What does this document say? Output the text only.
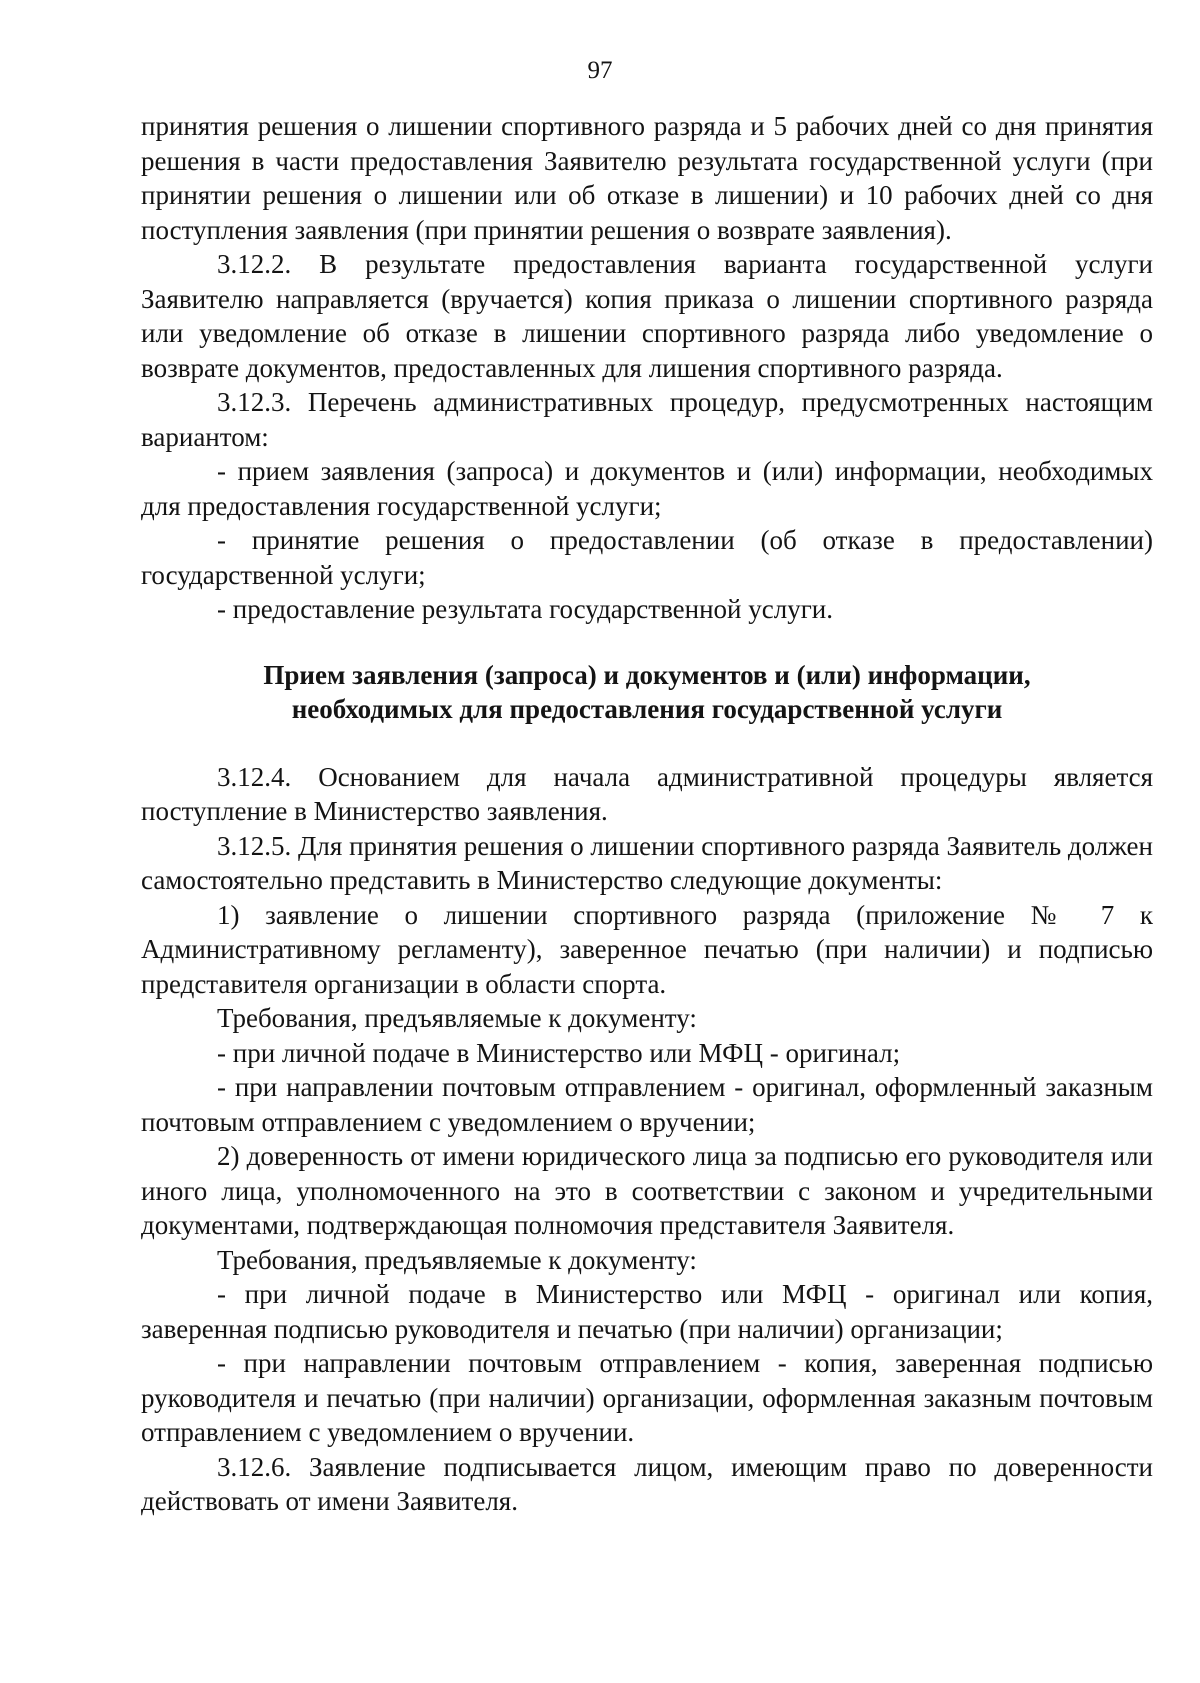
97

принятия решения о лишении спортивного разряда и 5 рабочих дней со дня принятия решения в части предоставления Заявителю результата государственной услуги (при принятии решения о лишении или об отказе в лишении) и 10 рабочих дней со дня поступления заявления (при принятии решения о возврате заявления).

3.12.2. В результате предоставления варианта государственной услуги Заявителю направляется (вручается) копия приказа о лишении спортивного разряда или уведомление об отказе в лишении спортивного разряда либо уведомление о возврате документов, предоставленных для лишения спортивного разряда.

3.12.3. Перечень административных процедур, предусмотренных настоящим вариантом:

- прием заявления (запроса) и документов и (или) информации, необходимых для предоставления государственной услуги;

- принятие решения о предоставлении (об отказе в предоставлении) государственной услуги;

- предоставление результата государственной услуги.

Прием заявления (запроса) и документов и (или) информации,
необходимых для предоставления государственной услуги

3.12.4. Основанием для начала административной процедуры является поступление в Министерство заявления.

3.12.5. Для принятия решения о лишении спортивного разряда Заявитель должен самостоятельно представить в Министерство следующие документы:

1) заявление о лишении спортивного разряда (приложение № 7 к Административному регламенту), заверенное печатью (при наличии) и подписью представителя организации в области спорта.

Требования, предъявляемые к документу:

- при личной подаче в Министерство или МФЦ - оригинал;

- при направлении почтовым отправлением - оригинал, оформленный заказным почтовым отправлением с уведомлением о вручении;

2) доверенность от имени юридического лица за подписью его руководителя или иного лица, уполномоченного на это в соответствии с законом и учредительными документами, подтверждающая полномочия представителя Заявителя.

Требования, предъявляемые к документу:

- при личной подаче в Министерство или МФЦ - оригинал или копия, заверенная подписью руководителя и печатью (при наличии) организации;

- при направлении почтовым отправлением - копия, заверенная подписью руководителя и печатью (при наличии) организации, оформленная заказным почтовым отправлением с уведомлением о вручении.

3.12.6. Заявление подписывается лицом, имеющим право по доверенности действовать от имени Заявителя.
